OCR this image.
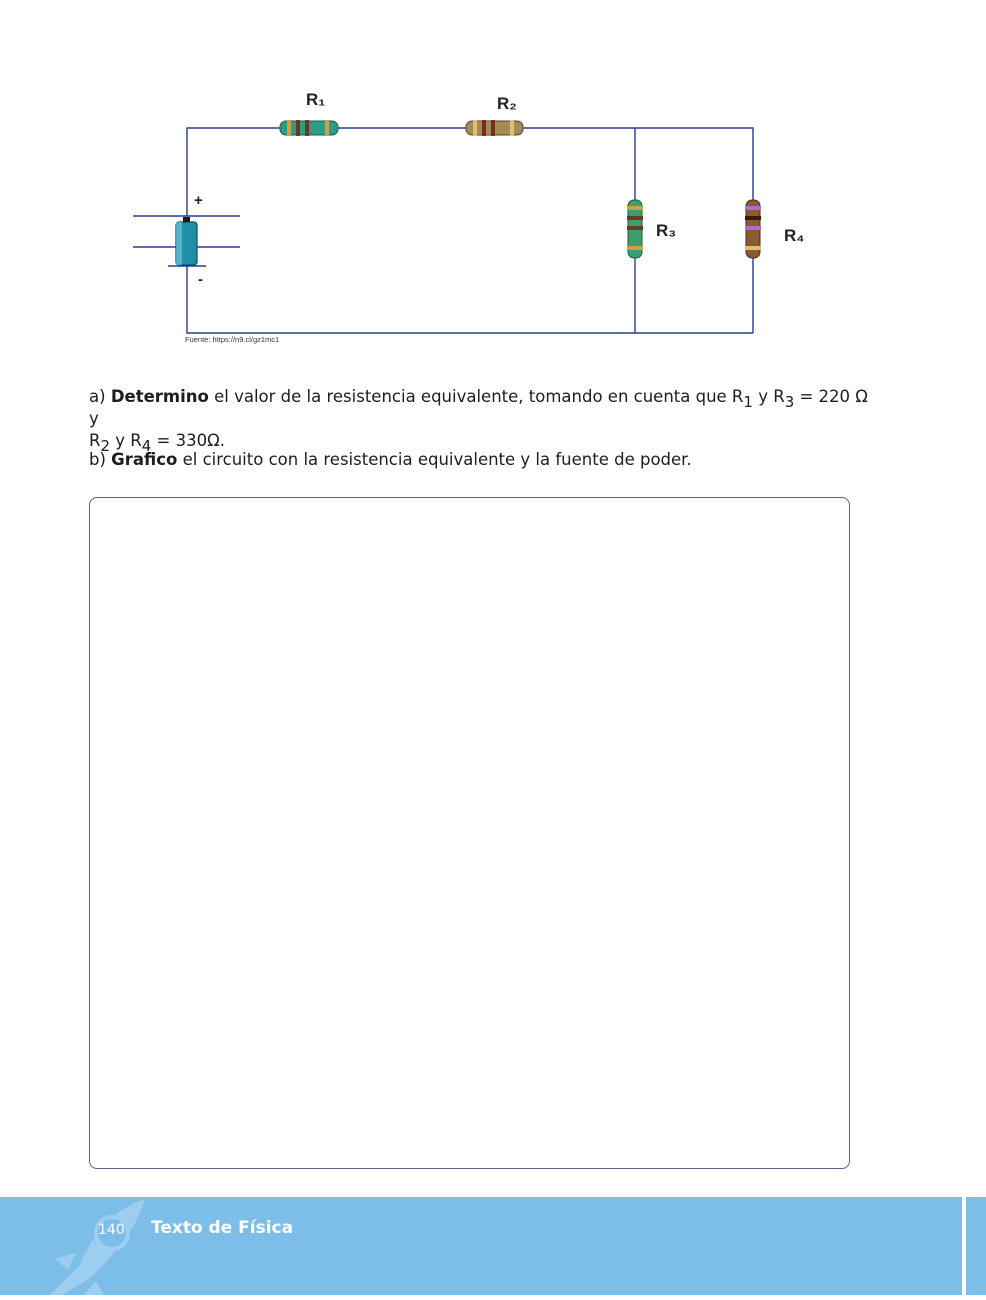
R₁	R₂
R₃	R₄
+
-
Fuente: https://n9.cl/gz1mc1
a) Determino el valor de la resistencia equivalente, tomando en cuenta que $R_1$ y $R_3 = 220$ Ω y
$R_2$ y $R_4 = 330\Omega$.
b) Grafico el circuito con la resistencia equivalente y la fuente de poder.
140 Texto de Física
